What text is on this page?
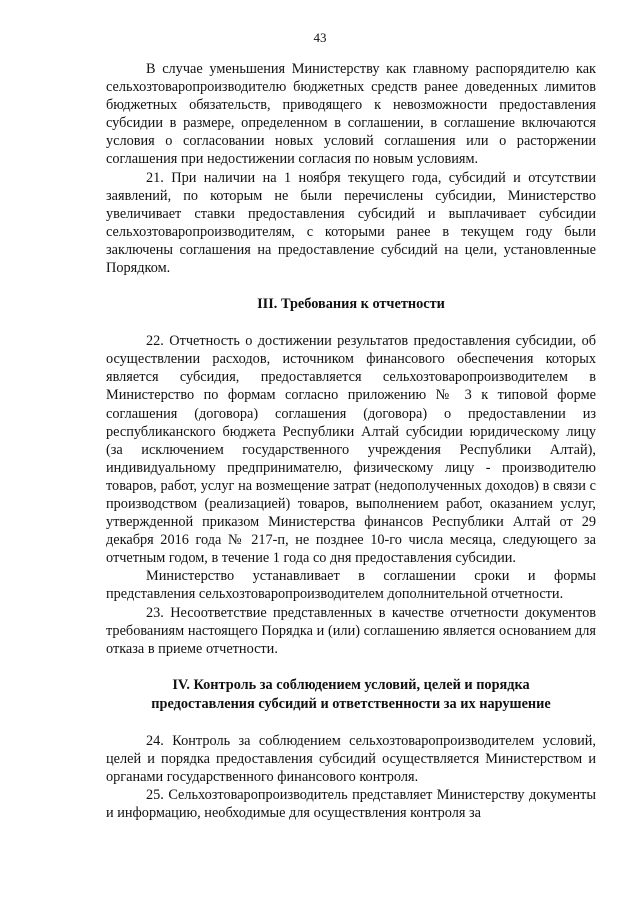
43

В случае уменьшения Министерству как главному распорядителю как сельхозтоваропроизводителю бюджетных средств ранее доведенных лимитов бюджетных обязательств, приводящего к невозможности предоставления субсидии в размере, определенном в соглашении, в соглашение включаются условия о согласовании новых условий соглашения или о расторжении соглашения при недостижении согласия по новым условиям.

21. При наличии на 1 ноября текущего года, субсидий и отсутствии заявлений, по которым не были перечислены субсидии, Министерство увеличивает ставки предоставления субсидий и выплачивает субсидии сельхозтоваропроизводителям, с которыми ранее в текущем году были заключены соглашения на предоставление субсидий на цели, установленные Порядком.

III. Требования к отчетности

22. Отчетность о достижении результатов предоставления субсидии, об осуществлении расходов, источником финансового обеспечения которых является субсидия, предоставляется сельхозтоваропроизводителем в Министерство по формам согласно приложению № 3 к типовой форме соглашения (договора) соглашения (договора) о предоставлении из республиканского бюджета Республики Алтай субсидии юридическому лицу (за исключением государственного учреждения Республики Алтай), индивидуальному предпринимателю, физическому лицу - производителю товаров, работ, услуг на возмещение затрат (недополученных доходов) в связи с производством (реализацией) товаров, выполнением работ, оказанием услуг, утвержденной приказом Министерства финансов Республики Алтай от 29 декабря 2016 года № 217-п, не позднее 10-го числа месяца, следующего за отчетным годом, в течение 1 года со дня предоставления субсидии.

Министерство устанавливает в соглашении сроки и формы представления сельхозтоваропроизводителем дополнительной отчетности.

23. Несоответствие представленных в качестве отчетности документов требованиям настоящего Порядка и (или) соглашению является основанием для отказа в приеме отчетности.

IV. Контроль за соблюдением условий, целей и порядка
предоставления субсидий и ответственности за их нарушение

24. Контроль за соблюдением сельхозтоваропроизводителем условий, целей и порядка предоставления субсидий осуществляется Министерством и органами государственного финансового контроля.

25. Сельхозтоваропроизводитель представляет Министерству документы и информацию, необходимые для осуществления контроля за
